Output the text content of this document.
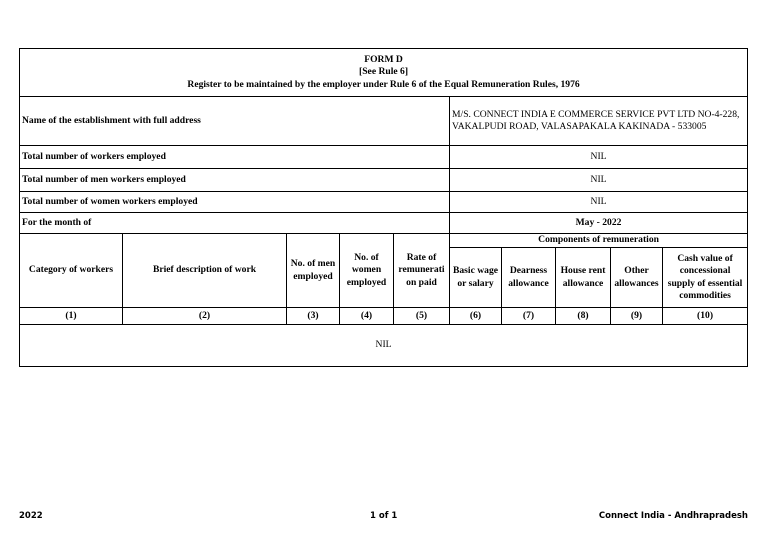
FORM D
[See Rule 6]
Register to be maintained by the employer under Rule 6 of the Equal Remuneration Rules, 1976									

Name of the establishment with full address					M/S. CONNECT INDIA E COMMERCE SERVICE PVT LTD NO-4-228, VAKALPUDI ROAD, VALASAPAKALA KAKINADA - 533005				
Total number of workers employed					NIL				
Total number of men workers employed					NIL				
Total number of women workers employed					NIL				
For the month of					May - 2022				
Category of workers	Brief description of work	No. of men employed	No. of women employed	Rate of remunerati on paid	Components of remuneration				
					Basic wage or salary	Dearness allowance	House rent allowance	Other allowances	Cash value of concessional supply of essential commodities
(1)	(2)	(3)	(4)	(5)	(6)	(7)	(8)	(9)	(10)
NIL									
2022	1 of 1	Connect India - Andhrapradesh
